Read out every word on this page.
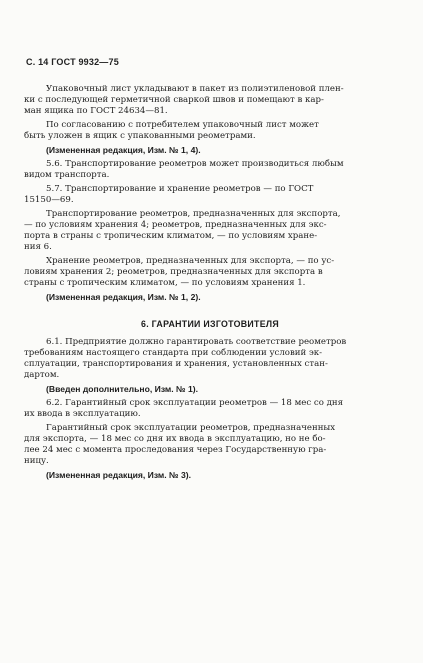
С. 14 ГОСТ 9932—75
Упаковочный лист укладывают в пакет из полиэтиленовой плен-
ки с последующей герметичной сваркой швов и помещают в кар-
ман ящика по ГОСТ 24634—81.
По согласованию с потребителем упаковочный лист может
быть уложен в ящик с упакованными реометрами.
(Измененная редакция, Изм. № 1, 4).
5.6. Транспортирование реометров может производиться любым
видом транспорта.
5.7. Транспортирование и хранение реометров — по ГОСТ
15150—69.
Транспортирование реометров, предназначенных для экспорта,
— по условиям хранения 4; реометров, предназначенных для экс-
порта в страны с тропическим климатом, — по условиям хране-
ния 6.
Хранение реометров, предназначенных для экспорта, — по ус-
ловиям хранения 2; реометров, предназначенных для экспорта в
страны с тропическим климатом, — по условиям хранения 1.
(Измененная редакция, Изм. № 1, 2).
6. ГАРАНТИИ ИЗГОТОВИТЕЛЯ
6.1. Предприятие должно гарантировать соответствие реометров
требованиям настоящего стандарта при соблюдении условий эк-
сплуатации, транспортирования и хранения, установленных стан-
дартом.
(Введен дополнительно, Изм. № 1).
6.2. Гарантийный срок эксплуатации реометров — 18 мес со дня
их ввода в эксплуатацию.
Гарантийный срок эксплуатации реометров, предназначенных
для экспорта, — 18 мес со дня их ввода в эксплуатацию, но не бо-
лее 24 мес с момента проследования через Государственную гра-
ницу.
(Измененная редакция, Изм. № 3).
